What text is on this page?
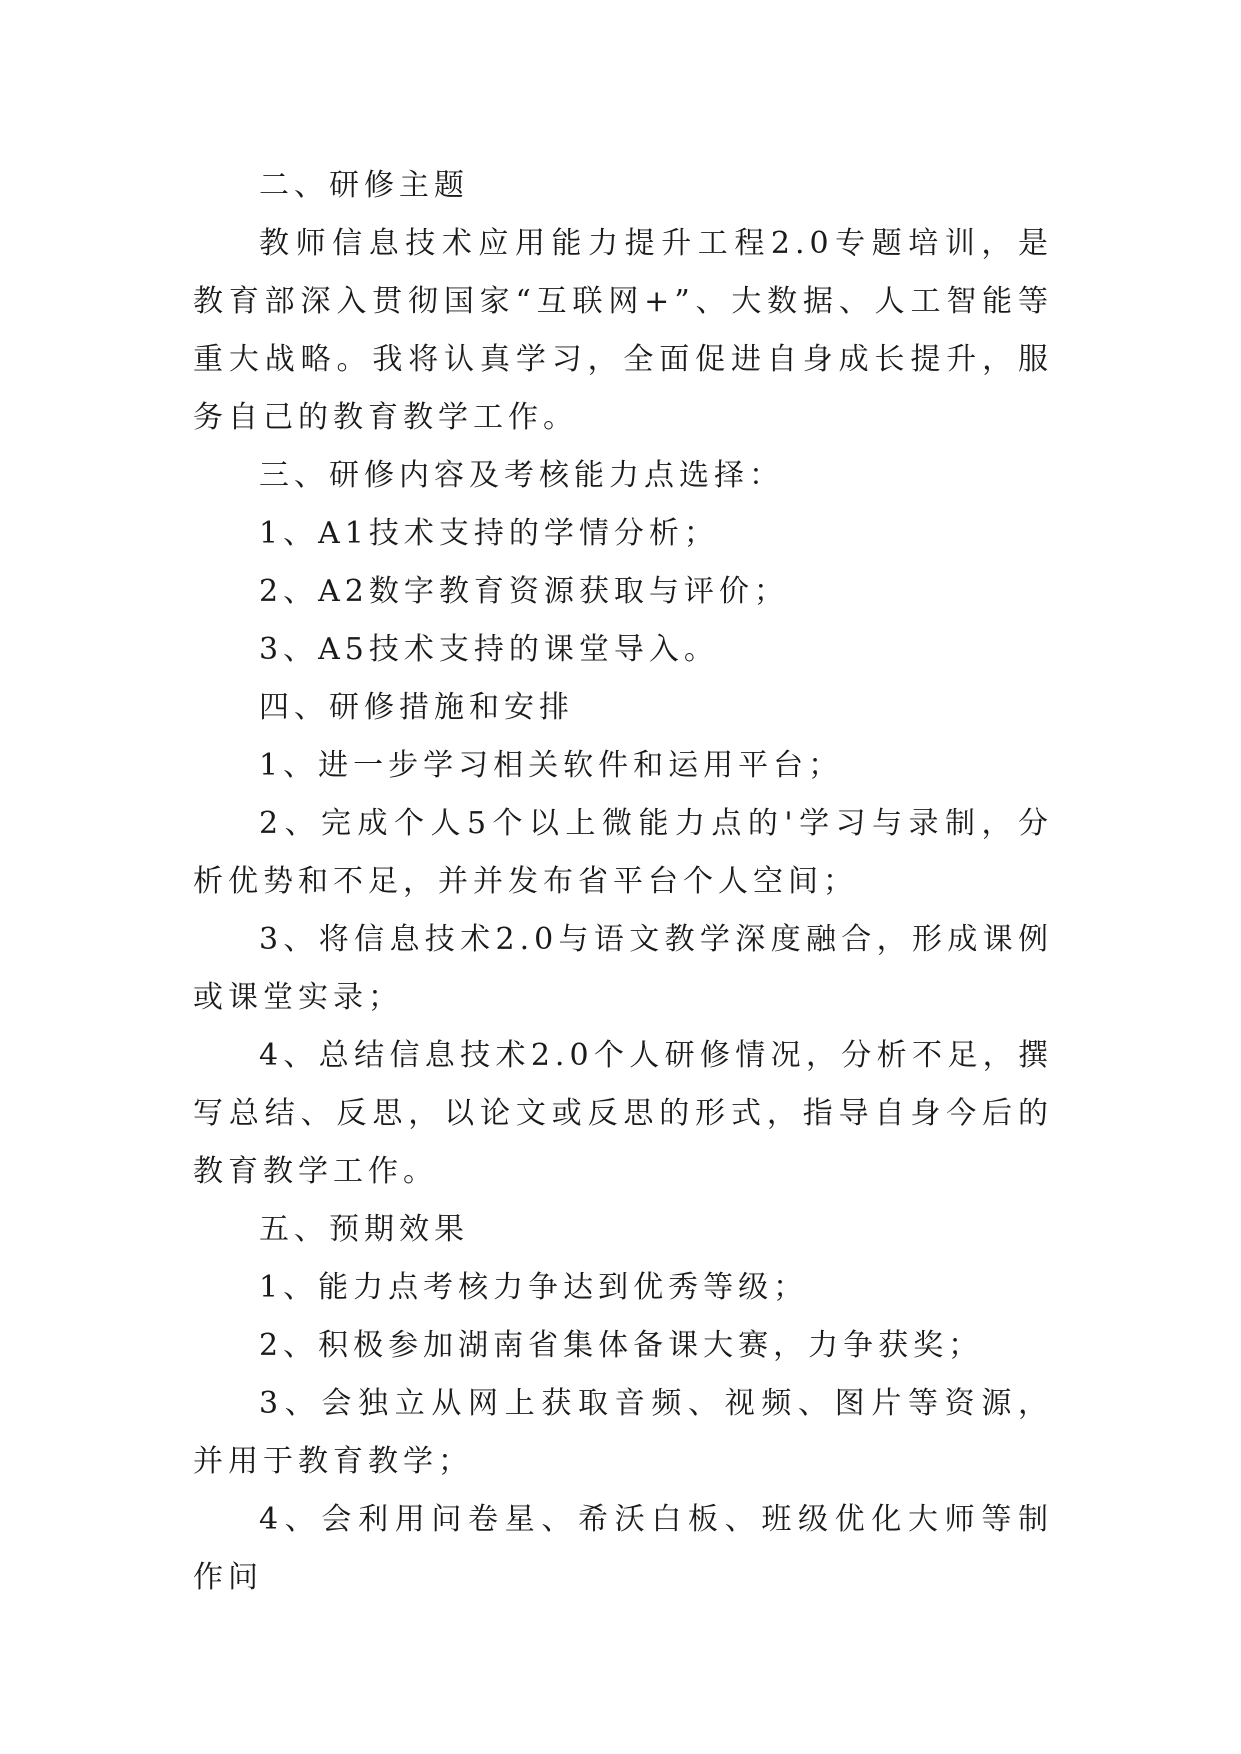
二、研修主题

教师信息技术应用能力提升工程2.0专题培训，是教育部深入贯彻国家“互联网+”、大数据、人工智能等重大战略。我将认真学习，全面促进自身成长提升，服务自己的教育教学工作。

三、研修内容及考核能力点选择：

1、A1技术支持的学情分析；

2、A2数字教育资源获取与评价；

3、A5技术支持的课堂导入。

四、研修措施和安排

1、进一步学习相关软件和运用平台；

2、完成个人5个以上微能力点的'学习与录制，分析优势和不足，并并发布省平台个人空间；

3、将信息技术2.0与语文教学深度融合，形成课例或课堂实录；

4、总结信息技术2.0个人研修情况，分析不足，撰写总结、反思，以论文或反思的形式，指导自身今后的教育教学工作。

五、预期效果

1、能力点考核力争达到优秀等级；

2、积极参加湖南省集体备课大赛，力争获奖；

3、会独立从网上获取音频、视频、图片等资源，并用于教育教学；

4、会利用问卷星、希沃白板、班级优化大师等制作问
